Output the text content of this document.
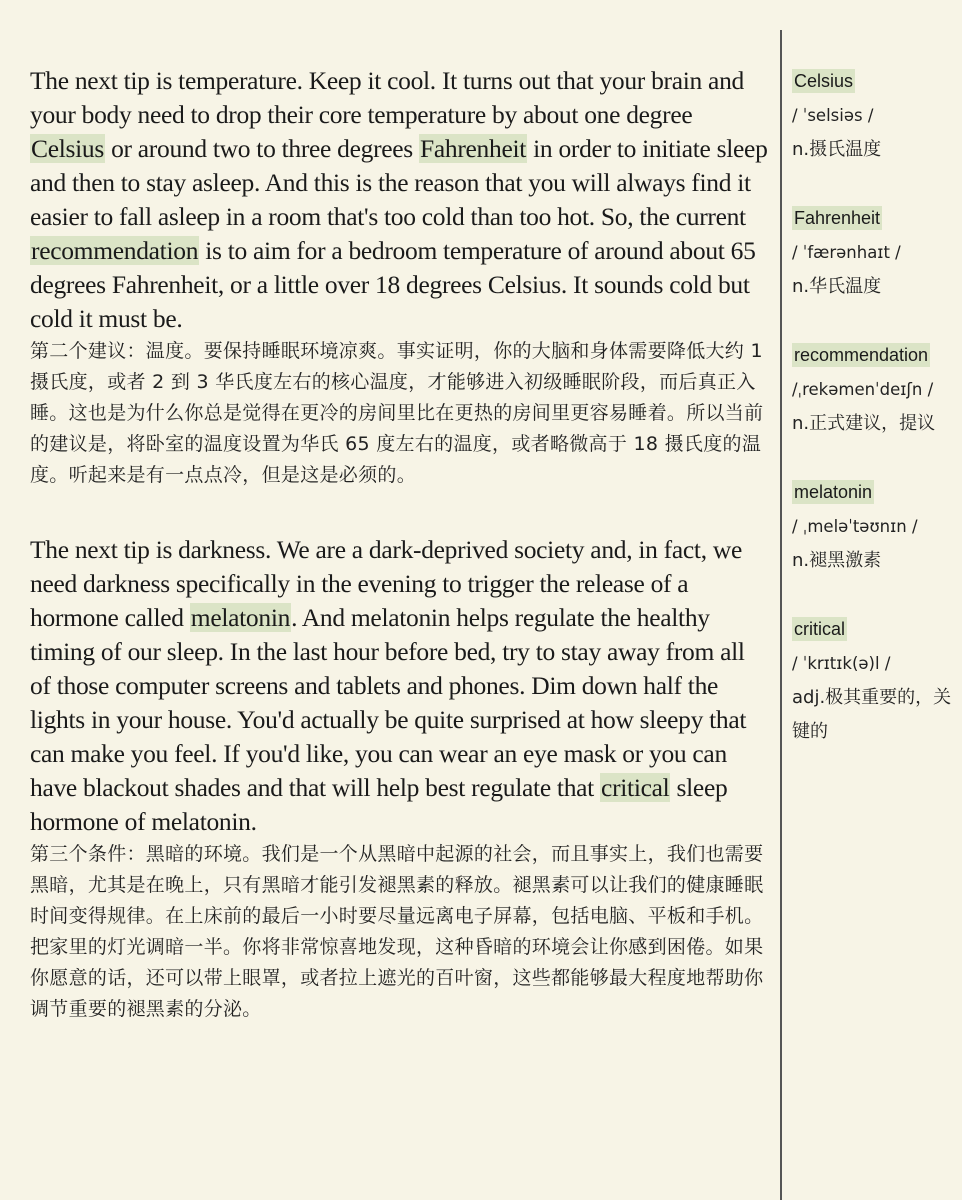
The next tip is temperature. Keep it cool. It turns out that your brain and your body need to drop their core temperature by about one degree Celsius or around two to three degrees Fahrenheit in order to initiate sleep and then to stay asleep. And this is the reason that you will always find it easier to fall asleep in a room that's too cold than too hot. So, the current recommendation is to aim for a bedroom temperature of around about 65 degrees Fahrenheit, or a little over 18 degrees Celsius. It sounds cold but cold it must be.

第二个建议：温度。要保持睡眠环境凉爽。事实证明，你的大脑和身体需要降低大约 1 摄氏度，或者 2 到 3 华氏度左右的核心温度，才能够进入初级睡眠阶段，而后真正入睡。这也是为什么你总是觉得在更冷的房间里比在更热的房间里更容易睡着。所以当前的建议是，将卧室的温度设置为华氏 65 度左右的温度，或者略微高于 18 摄氏度的温度。听起来是有一点点冷，但是这是必须的。

The next tip is darkness. We are a dark-deprived society and, in fact, we need darkness specifically in the evening to trigger the release of a hormone called melatonin. And melatonin helps regulate the healthy timing of our sleep. In the last hour before bed, try to stay away from all of those computer screens and tablets and phones. Dim down half the lights in your house. You'd actually be quite surprised at how sleepy that can make you feel. If you'd like, you can wear an eye mask or you can have blackout shades and that will help best regulate that critical sleep hormone of melatonin.

第三个条件：黑暗的环境。我们是一个从黑暗中起源的社会，而且事实上，我们也需要黑暗，尤其是在晚上，只有黑暗才能引发褪黑素的释放。褪黑素可以让我们的健康睡眠时间变得规律。在上床前的最后一小时要尽量远离电子屏幕，包括电脑、平板和手机。把家里的灯光调暗一半。你将非常惊喜地发现，这种昏暗的环境会让你感到困倦。如果你愿意的话，还可以带上眼罩，或者拉上遮光的百叶窗，这些都能够最大程度地帮助你调节重要的褪黑素的分泌。

Celsius
/ ˈselsiəs /
n.摄氏温度
Fahrenheit
/ ˈfærənhaɪt /
n.华氏温度
recommendation
/ˌrekəmenˈdeɪʃn /
n.正式建议，提议
melatonin
/ ˌmeləˈtəʊnɪn /
n.褪黑激素
critical
/ ˈkrɪtɪk(ə)l /
adj.极其重要的，关键的
